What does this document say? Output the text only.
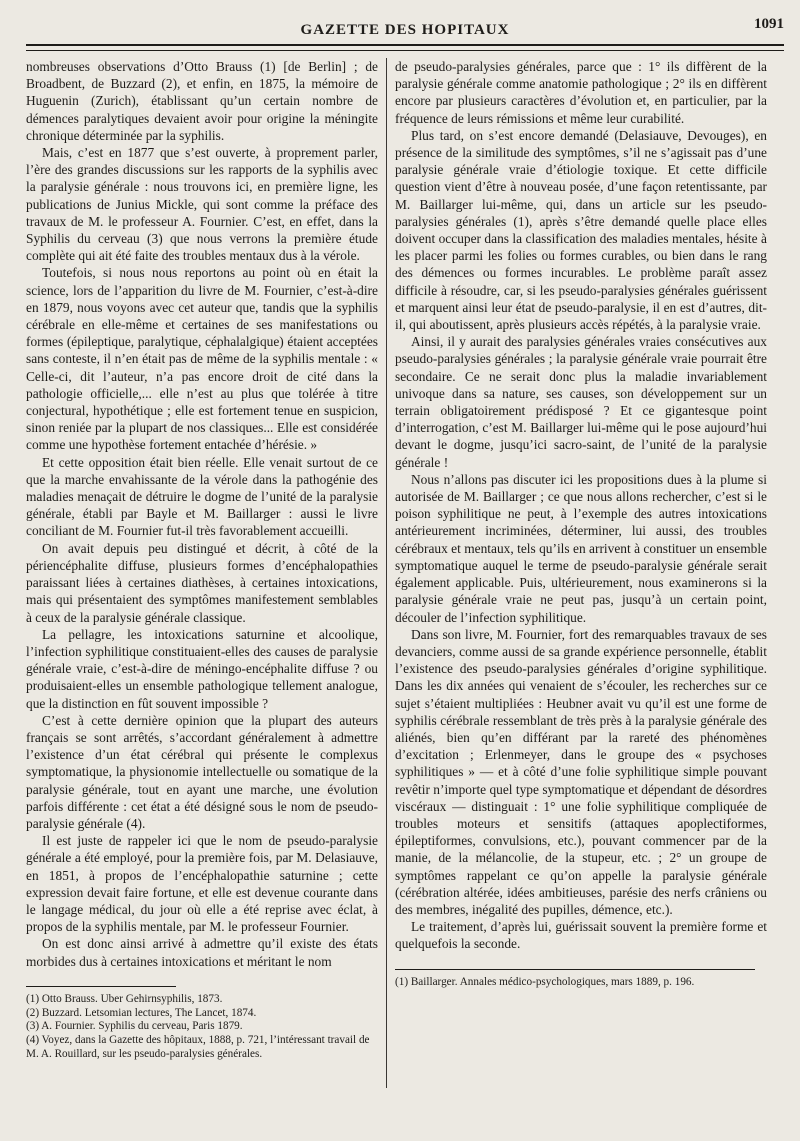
GAZETTE DES HOPITAUX	1091

nombreuses observations d’Otto Brauss (1) [de Berlin] ; de Broadbent, de Buzzard (2), et enfin, en 1875, la mémoire de Huguenin (Zurich), établissant qu’un certain nombre de démences paralytiques devaient avoir pour origine la méningite chronique déterminée par la syphilis.

Mais, c’est en 1877 que s’est ouverte, à proprement parler, l’ère des grandes discussions sur les rapports de la syphilis avec la paralysie générale : nous trouvons ici, en première ligne, les publications de Junius Mickle, qui sont comme la préface des travaux de M. le professeur A. Fournier. C’est, en effet, dans la Syphilis du cerveau (3) que nous verrons la première étude complète qui ait été faite des troubles mentaux dus à la vérole.

Toutefois, si nous nous reportons au point où en était la science, lors de l’apparition du livre de M. Fournier, c’est-à-dire en 1879, nous voyons avec cet auteur que, tandis que la syphilis cérébrale en elle-même et certaines de ses manifestations ou formes (épileptique, paralytique, céphalalgique) étaient acceptées sans conteste, il n’en était pas de même de la syphilis mentale : « Celle-ci, dit l’auteur, n’a pas encore droit de cité dans la pathologie officielle,... elle n’est au plus que tolérée à titre conjectural, hypothétique ; elle est fortement tenue en suspicion, sinon reniée par la plupart de nos classiques... Elle est considérée comme une hypothèse fortement entachée d’hérésie. »

Et cette opposition était bien réelle. Elle venait surtout de ce que la marche envahissante de la vérole dans la pathogénie des maladies menaçait de détruire le dogme de l’unité de la paralysie générale, établi par Bayle et M. Baillarger : aussi le livre conciliant de M. Fournier fut-il très favorablement accueilli.

On avait depuis peu distingué et décrit, à côté de la périencéphalite diffuse, plusieurs formes d’encéphalopathies paraissant liées à certaines diathèses, à certaines intoxications, mais qui présentaient des symptômes manifestement semblables à ceux de la paralysie générale classique.

La pellagre, les intoxications saturnine et alcoolique, l’infection syphilitique constituaient-elles des causes de paralysie générale vraie, c’est-à-dire de méningo-encéphalite diffuse ? ou produisaient-elles un ensemble pathologique tellement analogue, que la distinction en fût souvent impossible ?

C’est à cette dernière opinion que la plupart des auteurs français se sont arrêtés, s’accordant généralement à admettre l’existence d’un état cérébral qui présente le complexus symptomatique, la physionomie intellectuelle ou somatique de la paralysie générale, tout en ayant une marche, une évolution parfois différente : cet état a été désigné sous le nom de pseudo-paralysie générale (4).

Il est juste de rappeler ici que le nom de pseudo-paralysie générale a été employé, pour la première fois, par M. Delasiauve, en 1851, à propos de l’encéphalopathie saturnine ; cette expression devait faire fortune, et elle est devenue courante dans le langage médical, du jour où elle a été reprise avec éclat, à propos de la syphilis mentale, par M. le professeur Fournier.

On est donc ainsi arrivé à admettre qu’il existe des états morbides dus à certaines intoxications et méritant le nom

(1) Otto Brauss. Uber Gehirnsyphilis, 1873.
(2) Buzzard. Letsomian lectures, The Lancet, 1874.
(3) A. Fournier. Syphilis du cerveau, Paris 1879.
(4) Voyez, dans la Gazette des hôpitaux, 1888, p. 721, l’intéressant travail de M. A. Rouillard, sur les pseudo-paralysies générales.

de pseudo-paralysies générales, parce que : 1° ils diffèrent de la paralysie générale comme anatomie pathologique ; 2° ils en diffèrent encore par plusieurs caractères d’évolution et, en particulier, par la fréquence de leurs rémissions et même leur curabilité.

Plus tard, on s’est encore demandé (Delasiauve, Devouges), en présence de la similitude des symptômes, s’il ne s’agissait pas d’une paralysie générale vraie d’étiologie toxique. Et cette difficile question vient d’être à nouveau posée, d’une façon retentissante, par M. Baillarger lui-même, qui, dans un article sur les pseudo-paralysies générales (1), après s’être demandé quelle place elles doivent occuper dans la classification des maladies mentales, hésite à les placer parmi les folies ou formes curables, ou bien dans le rang des démences ou formes incurables. Le problème paraît assez difficile à résoudre, car, si les pseudo-paralysies générales guérissent et marquent ainsi leur état de pseudo-paralysie, il en est d’autres, dit-il, qui aboutissent, après plusieurs accès répétés, à la paralysie vraie.

Ainsi, il y aurait des paralysies générales vraies consécutives aux pseudo-paralysies générales ; la paralysie générale vraie pourrait être secondaire. Ce ne serait donc plus la maladie invariablement univoque dans sa nature, ses causes, son développement sur un terrain obligatoirement prédisposé ? Et ce gigantesque point d’interrogation, c’est M. Baillarger lui-même qui le pose aujourd’hui devant le dogme, jusqu’ici sacro-saint, de l’unité de la paralysie générale !

Nous n’allons pas discuter ici les propositions dues à la plume si autorisée de M. Baillarger ; ce que nous allons rechercher, c’est si le poison syphilitique ne peut, à l’exemple des autres intoxications antérieurement incriminées, déterminer, lui aussi, des troubles cérébraux et mentaux, tels qu’ils en arrivent à constituer un ensemble symptomatique auquel le terme de pseudo-paralysie générale serait également applicable. Puis, ultérieurement, nous examinerons si la paralysie générale vraie ne peut pas, jusqu’à un certain point, découler de l’infection syphilitique.

Dans son livre, M. Fournier, fort des remarquables travaux de ses devanciers, comme aussi de sa grande expérience personnelle, établit l’existence des pseudo-paralysies générales d’origine syphilitique. Dans les dix années qui venaient de s’écouler, les recherches sur ce sujet s’étaient multipliées : Heubner avait vu qu’il est une forme de syphilis cérébrale ressemblant de très près à la paralysie générale des aliénés, bien qu’en différant par la rareté des phénomènes d’excitation ; Erlenmeyer, dans le groupe des « psychoses syphilitiques » — et à côté d’une folie syphilitique simple pouvant revêtir n’importe quel type symptomatique et dépendant de désordres viscéraux — distinguait : 1° une folie syphilitique compliquée de troubles moteurs et sensitifs (attaques apoplectiformes, épileptiformes, convulsions, etc.), pouvant commencer par de la manie, de la mélancolie, de la stupeur, etc. ; 2° un groupe de symptômes rappelant ce qu’on appelle la paralysie générale (cérébration altérée, idées ambitieuses, parésie des nerfs crâniens ou des membres, inégalité des pupilles, démence, etc.).

Le traitement, d’après lui, guérissait souvent la première forme et quelquefois la seconde.

(1) Baillarger. Annales médico-psychologiques, mars 1889, p. 196.
